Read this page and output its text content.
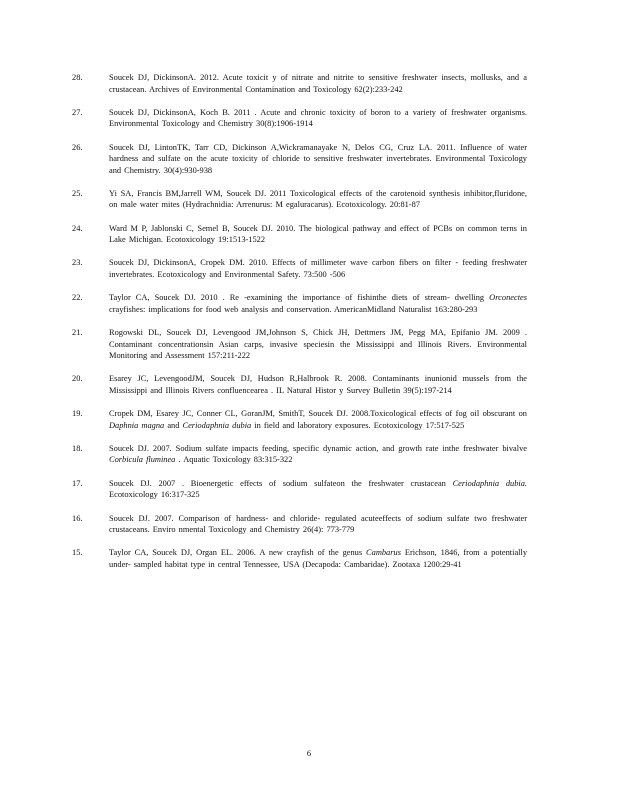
28.	Soucek DJ, DickinsonA. 2012. Acute toxicit y of nitrate and nitrite to sensitive freshwater insects, mollusks, and a crustacean. Archives of Environmental Contamination and Toxicology 62(2):233-242
27.	Soucek DJ, DickinsonA, Koch B. 2011 . Acute and chronic toxicity of boron to a variety of freshwater organisms. Environmental Toxicology and Chemistry 30(8):1906-1914
26.	Soucek DJ, LintonTK, Tarr CD, Dickinson A,Wickramanayake N, Delos CG, Cruz LA. 2011. Influence of water hardness and sulfate on the acute toxicity of chloride to sensitive freshwater invertebrates. Environmental Toxicology and Chemistry. 30(4):930-938
25.	Yi SA, Francis BM,Jarrell WM, Soucek DJ. 2011 Toxicological effects of the carotenoid synthesis inhibitor,fluridone, on male water mites (Hydrachnidia: Arrenurus: M egaluracarus). Ecotoxicology. 20:81-87
24.	Ward M P, Jablonski C, Semel B, Soucek DJ. 2010. The biological pathway and effect of PCBs on common terns in Lake Michigan. Ecotoxicology 19:1513-1522
23.	Soucek DJ, DickinsonA, Cropek DM. 2010. Effects of millimeter wave carbon fibers on filter - feeding freshwater invertebrates. Ecotoxicology and Environmental Safety. 73:500 -506
22.	Taylor CA, Soucek DJ. 2010 . Re -examining the importance of fishinthe diets of stream- dwelling Orconectes crayfishes: implications for food web analysis and conservation. AmericanMidland Naturalist 163:280-293
21.	Rogowski DL, Soucek DJ, Levengood JM,Johnson S, Chick JH, Dettmers JM, Pegg MA, Epifanio JM. 2009 . Contaminant concentrationsin Asian carps, invasive speciesin the Mississippi and Illinois Rivers. Environmental Monitoring and Assessment 157:211-222
20.	Esarey JC, LevengoodJM, Soucek DJ, Hudson R,Halbrook R. 2008. Contaminants inunionid mussels from the Mississippi and Illinois Rivers confluencearea . IL Natural Histor y Survey Bulletin 39(5):197-214
19.	Cropek DM, Esarey JC, Conner CL, GoranJM, SmithT, Soucek DJ. 2008.Toxicological effects of fog oil obscurant on Daphnia magna and Ceriodaphnia dubia in field and laboratory exposures. Ecotoxicology 17:517-525
18.	Soucek DJ. 2007. Sodium sulfate impacts feeding, specific dynamic action, and growth rate inthe freshwater bivalve Corbicula fluminea . Aquatic Toxicology 83:315-322
17.	Soucek DJ. 2007 . Bioenergetic effects of sodium sulfateon the freshwater crustacean Ceriodaphnia dubia. Ecotoxicology 16:317-325
16.	Soucek DJ. 2007. Comparison of hardness- and chloride- regulated acuteeffects of sodium sulfate two freshwater crustaceans. Enviro nmental Toxicology and Chemistry 26(4): 773-779
15.	Taylor CA, Soucek DJ, Organ EL. 2006. A new crayfish of the genus Cambarus Erichson, 1846, from a potentially under- sampled habitat type in central Tennessee, USA (Decapoda: Cambaridae). Zootaxa 1200:29-41
6
